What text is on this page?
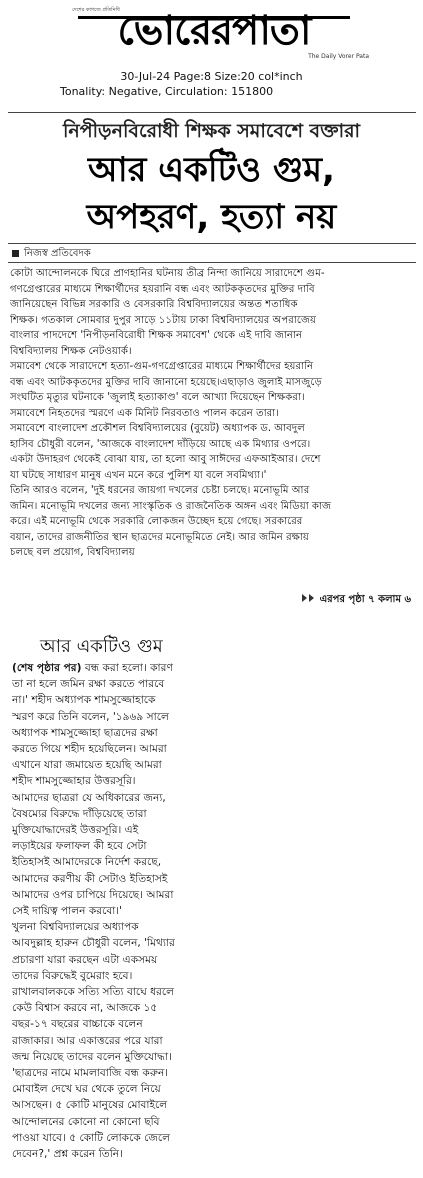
দেশের কাগজে প্রতিনিধি
ভোরেরপাতা
The Daily Vorer Pata
30-Jul-24 Page:8 Size:20 col*inch
Tonality: Negative, Circulation: 151800
নিপীড়নবিরোধী শিক্ষক সমাবেশে বক্তারা
আর একটিও গুম,
অপহরণ, হত্যা নয়
নিজস্ব প্রতিবেদক
কোটা আন্দোলনকে ঘিরে প্রাণহানির ঘটনায় তীব্র নিন্দা জানিয়ে সারাদেশে গুম-
গণগ্রেপ্তারের মাধ্যমে শিক্ষার্থীদের হয়রানি বন্ধ এবং আটককৃতদের মুক্তির দাবি
জানিয়েছেন বিভিন্ন সরকারি ও বেসরকারি বিশ্ববিদ্যালয়ের অন্তত শতাধিক
শিক্ষক। গতকাল সোমবার দুপুর সাড়ে ১১টায় ঢাকা বিশ্ববিদ্যালয়ের অপরাজেয়
বাংলার পাদদেশে 'নিপীড়নবিরোধী শিক্ষক সমাবেশ' থেকে এই দাবি জানান
বিশ্ববিদ্যালয় শিক্ষক নেটওয়ার্ক।
সমাবেশ থেকে সারাদেশে হত্যা-গুম-গণগ্রেপ্তারের মাধ্যমে শিক্ষার্থীদের হয়রানি
বন্ধ এবং আটককৃতদের মুক্তির দাবি জানানো হয়েছে।এছাড়াও জুলাই মাসজুড়ে
সংঘটিত মৃত্যুর ঘটনাকে 'জুলাই হত্যাকাণ্ড' বলে আখ্যা দিয়েছেন শিক্ষকরা।
সমাবেশে নিহতদের স্মরণে এক মিনিট নিরবতাও পালন করেন তারা।
সমাবেশে বাংলাদেশ প্রকৌশল বিশ্ববিদ্যালয়ের (বুয়েট) অধ্যাপক ড. আবদুল
হাসিব চৌধুরী বলেন, 'আজকে বাংলাদেশ দাঁড়িয়ে আছে এক মিথ্যার ওপরে।
একটা উদাহরণ থেকেই বোঝা যায়, তা হলো আবু সাঈদের এফআইআর। দেশে
যা ঘটছে সাধারণ মানুষ এখন মনে করে পুলিশ যা বলে সবমিথ্যা।'
তিনি আরও বলেন, 'দুই ধরনের জায়গা দখলের চেষ্টা চলছে। মনোভূমি আর
জমিন। মনোভূমি দখলের জন্য সাংস্কৃতিক ও রাজনৈতিক অঙ্গন এবং মিডিয়া কাজ
করে। এই মনোভূমি থেকে সরকারি লোকজন উচ্ছেদ হয়ে গেছে। সরকারের
বয়ান, তাদের রাজনীতির স্থান ছাত্রদের মনোভূমিতে নেই। আর জমিন রক্ষায়
চলছে বল প্রয়োগ, বিশ্ববিদ্যালয়
এরপর পৃষ্ঠা ৭ কলাম ৬
আর একটিও গুম
(শেষ পৃষ্ঠার পর) বন্ধ করা হলো। কারণ
তা না হলে জমিন রক্ষা করতে পারবে
না।' শহীদ অধ্যাপক শামসুজ্জোহাকে
স্মরণ করে তিনি বলেন, '১৯৬৯ সালে
অধ্যাপক শামসুজ্জোহা ছাত্রদের রক্ষা
করতে গিয়ে শহীদ হয়েছিলেন। আমরা
এখানে যারা জমায়েত হয়েছি আমরা
শহীদ শামসুজ্জোহার উত্তরসূরি।
আমাদের ছাত্ররা যে অধিকারের জন্য,
বৈষম্যের বিরুদ্ধে দাঁড়িয়েছে তারা
মুক্তিযোদ্ধাদেরই উত্তরসূরি। এই
লড়াইয়ের ফলাফল কী হবে সেটা
ইতিহাসই আমাদেরকে নির্দেশ করছে,
আমাদের করণীয় কী সেটাও ইতিহাসই
আমাদের ওপর চাপিয়ে দিয়েছে। আমরা
সেই দায়িত্ব পালন করবো।'
খুলনা বিশ্ববিদ্যালয়ের অধ্যাপক
আবদুল্লাহ হারুন চৌধুরী বলেন, 'মিথ্যার
প্রচারণা যারা করছেন এটা একসময়
তাদের বিরুদ্ধেই বুমেরাং হবে।
রাখালবালককে সত্যি সত্যি বাঘে ধরলে
কেউ বিশ্বাস করবে না, আজকে ১৫
বছর-১৭ বছরের বাচ্চাকে বলেন
রাজাকার। আর একাত্তরের পরে যারা
জন্ম নিয়েছে তাদের বলেন মুক্তিযোদ্ধা।
'ছাত্রদের নামে মামলাবাজি বন্ধ করুন।
মোবাইল দেখে ঘর থেকে তুলে নিয়ে
আসছেন। ৫ কোটি মানুষের মোবাইলে
আন্দোলনের কোনো না কোনো ছবি
পাওয়া যাবে। ৫ কোটি লোককে জেলে
দেবেন?,' প্রশ্ন করেন তিনি।
